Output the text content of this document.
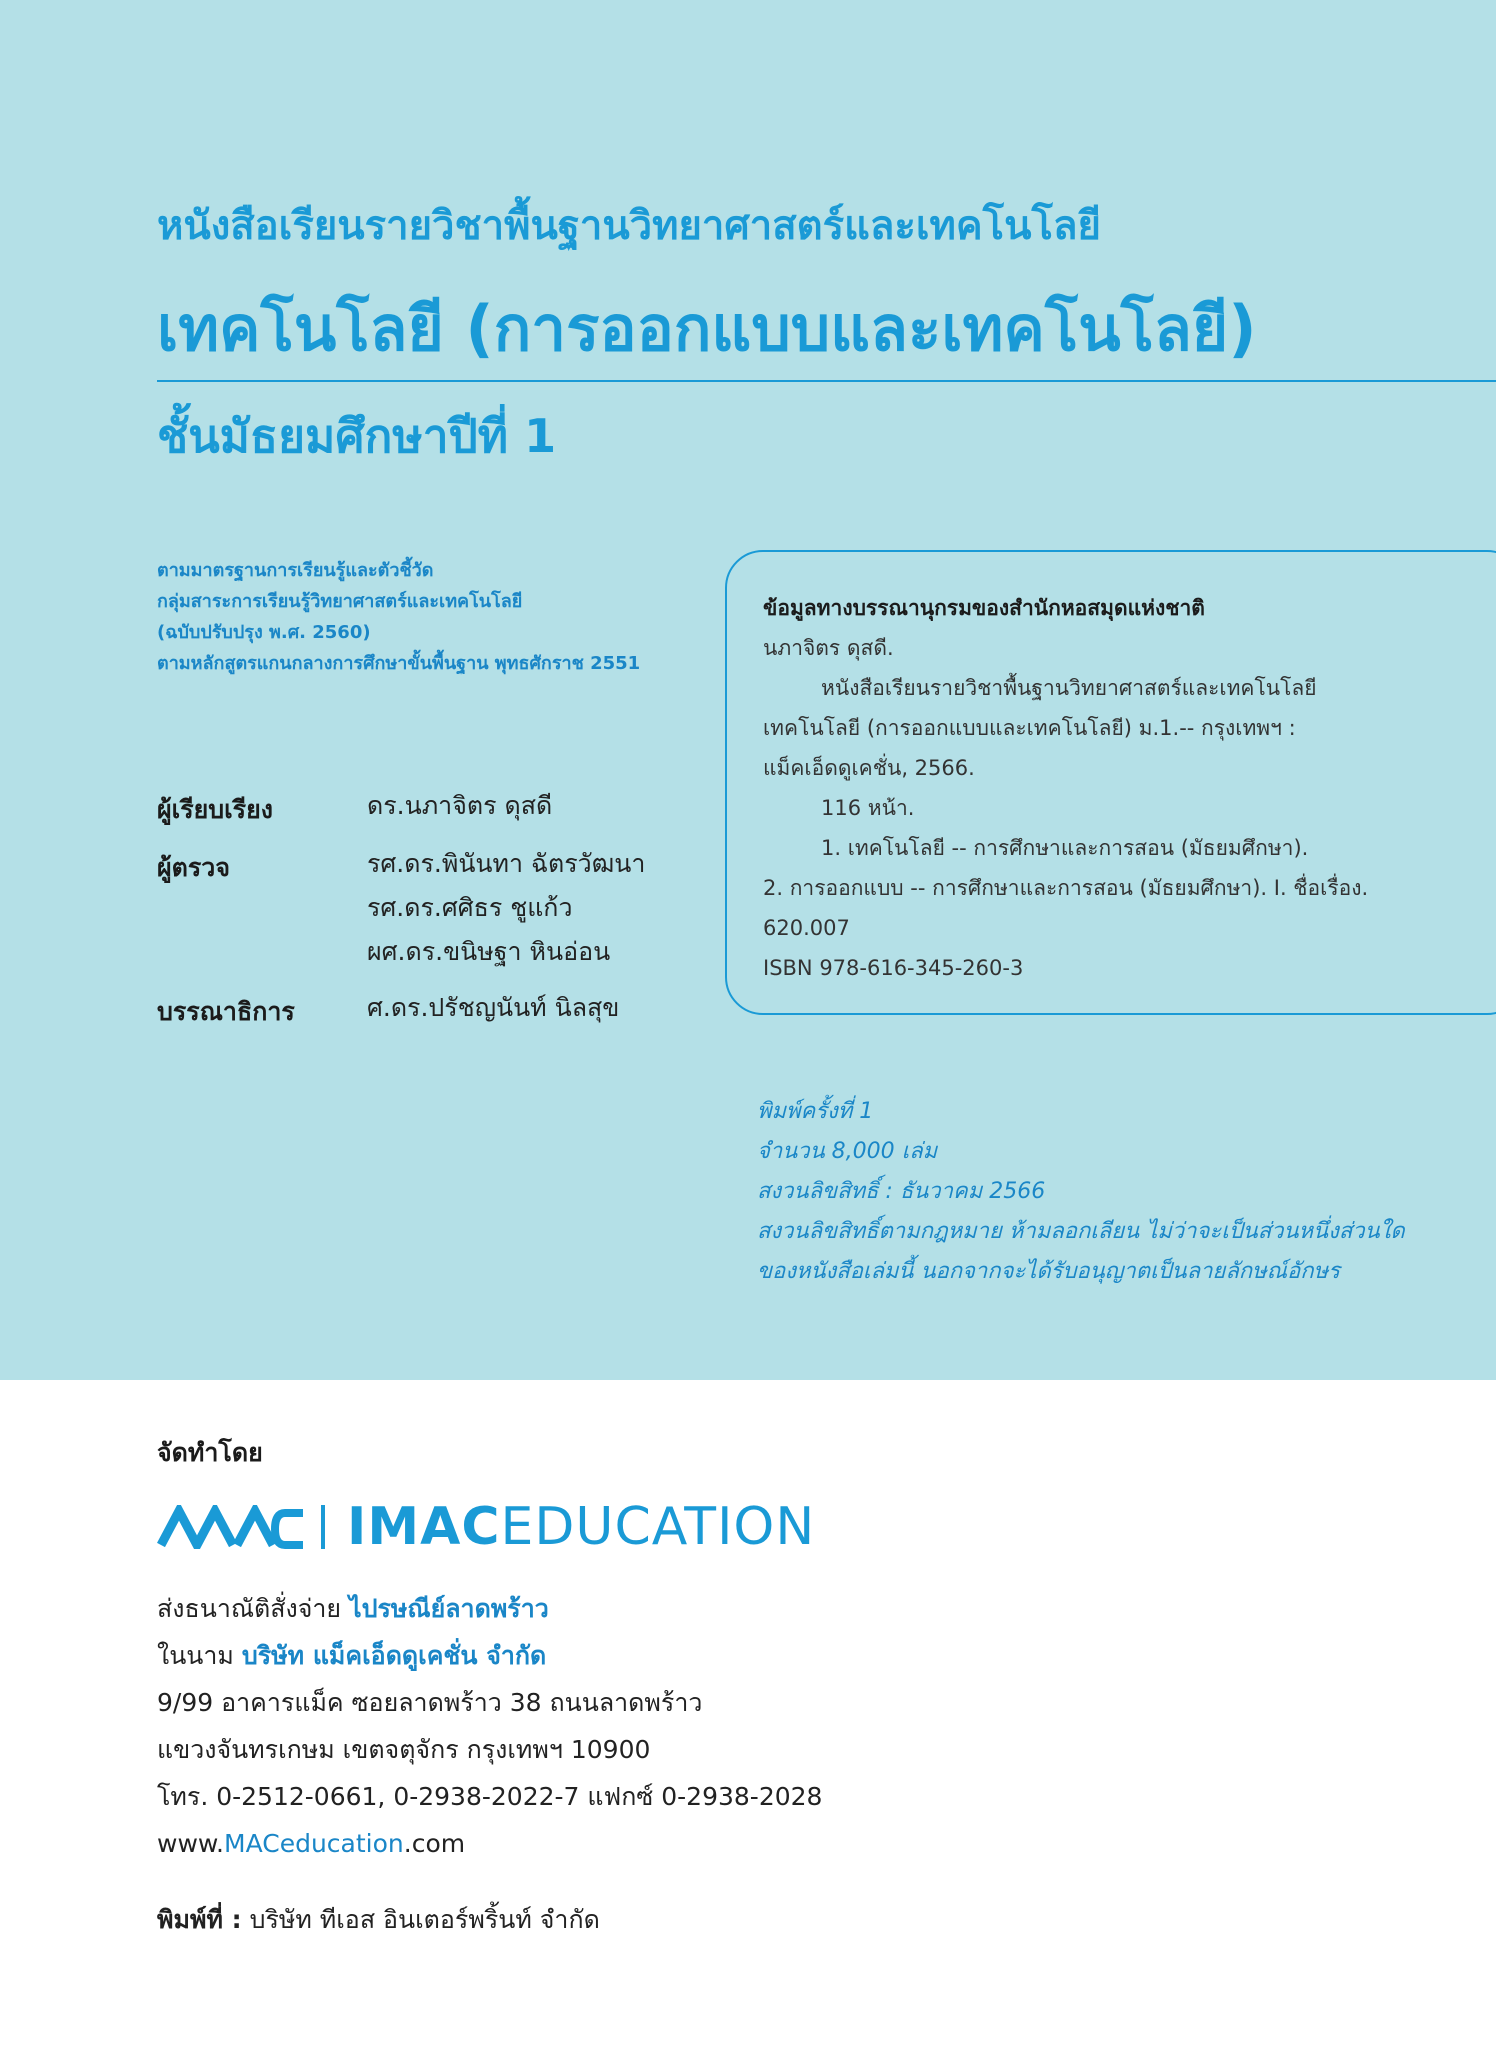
หนังสือเรียนรายวิชาพื้นฐานวิทยาศาสตร์และเทคโนโลยี
เทคโนโลยี (การออกแบบและเทคโนโลยี)
ชั้นมัธยมศึกษาปีที่ 1
ตามมาตรฐานการเรียนรู้และตัวชี้วัด
กลุ่มสาระการเรียนรู้วิทยาศาสตร์และเทคโนโลยี
(ฉบับปรับปรุง พ.ศ. 2560)
ตามหลักสูตรแกนกลางการศึกษาขั้นพื้นฐาน พุทธศักราช 2551
ผู้เรียบเรียง	ดร.นภาจิตร ดุสดี
ผู้ตรวจ	รศ.ดร.พินันทา ฉัตรวัฒนา
รศ.ดร.ศศิธร ชูแก้ว
ผศ.ดร.ขนิษฐา หินอ่อน
บรรณาธิการ	ศ.ดร.ปรัชญนันท์ นิลสุข
ข้อมูลทางบรรณานุกรมของสำนักหอสมุดแห่งชาติ
นภาจิตร ดุสดี.
หนังสือเรียนรายวิชาพื้นฐานวิทยาศาสตร์และเทคโนโลยี
เทคโนโลยี (การออกแบบและเทคโนโลยี) ม.1.-- กรุงเทพฯ :
แม็คเอ็ดดูเคชั่น, 2566.
116 หน้า.
1. เทคโนโลยี -- การศึกษาและการสอน (มัธยมศึกษา).
2. การออกแบบ -- การศึกษาและการสอน (มัธยมศึกษา). I. ชื่อเรื่อง.
620.007
ISBN 978-616-345-260-3
พิมพ์ครั้งที่ 1
จำนวน 8,000 เล่ม
สงวนลิขสิทธิ์ : ธันวาคม 2566
สงวนลิขสิทธิ์ตามกฎหมาย ห้ามลอกเลียน ไม่ว่าจะเป็นส่วนหนึ่งส่วนใด
ของหนังสือเล่มนี้ นอกจากจะได้รับอนุญาตเป็นลายลักษณ์อักษร
จัดทำโดย
IMACEDUCATION
ส่งธนาณัติสั่งจ่าย ไปรษณีย์ลาดพร้าว
ในนาม บริษัท แม็คเอ็ดดูเคชั่น จำกัด
9/99 อาคารแม็ค ซอยลาดพร้าว 38 ถนนลาดพร้าว
แขวงจันทรเกษม เขตจตุจักร กรุงเทพฯ 10900
โทร. 0-2512-0661, 0-2938-2022-7 แฟกซ์ 0-2938-2028
www.MACeducation.com
พิมพ์ที่ : บริษัท ทีเอส อินเตอร์พริ้นท์ จำกัด
